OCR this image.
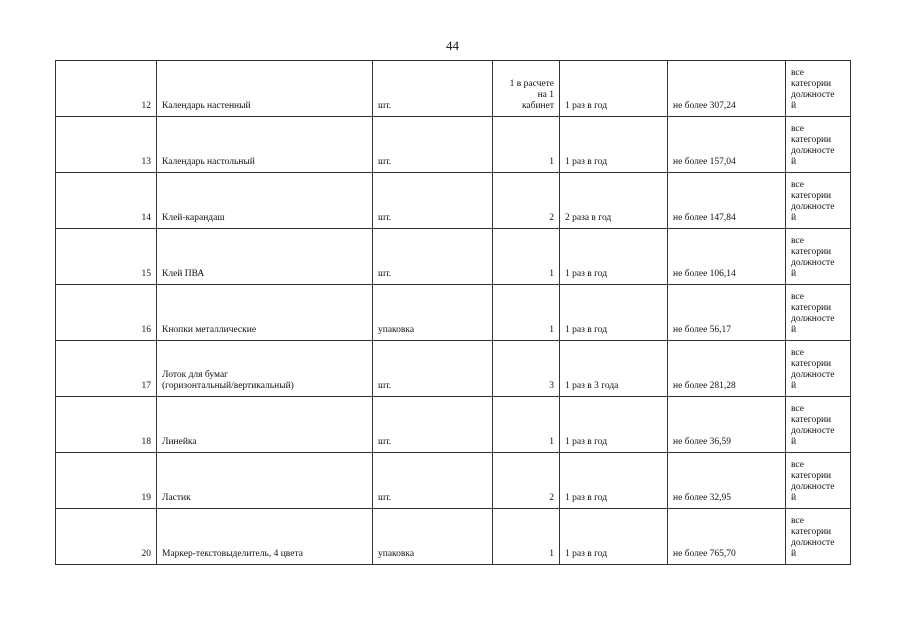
44
12	Календарь настенный	шт.	1 в расчете
на 1
кабинет	1 раз в год	не более 307,24	все
категории
должносте
й

13	Календарь настольный	шт.	1	1 раз в год	не более 157,04	все
категории
должносте
й

14	Клей-карандаш	шт.	2	2 раза в год	не более 147,84	все
категории
должносте
й

15	Клей ПВА	шт.	1	1 раз в год	не более 106,14	все
категории
должносте
й

16	Кнопки металлические	упаковка	1	1 раз в год	не более 56,17	все
категории
должносте
й

17	Лоток для бумаг
(горизонтальный/вертикальный)	шт.	3	1 раз в 3 года	не более 281,28	все
категории
должносте
й

18	Линейка	шт.	1	1 раз в год	не более 36,59	все
категории
должносте
й

19	Ластик	шт.	2	1 раз в год	не более 32,95	все
категории
должносте
й

20	Маркер-текстовыделитель, 4 цвета	упаковка	1	1 раз в год	не более 765,70	все
категории
должносте
й
